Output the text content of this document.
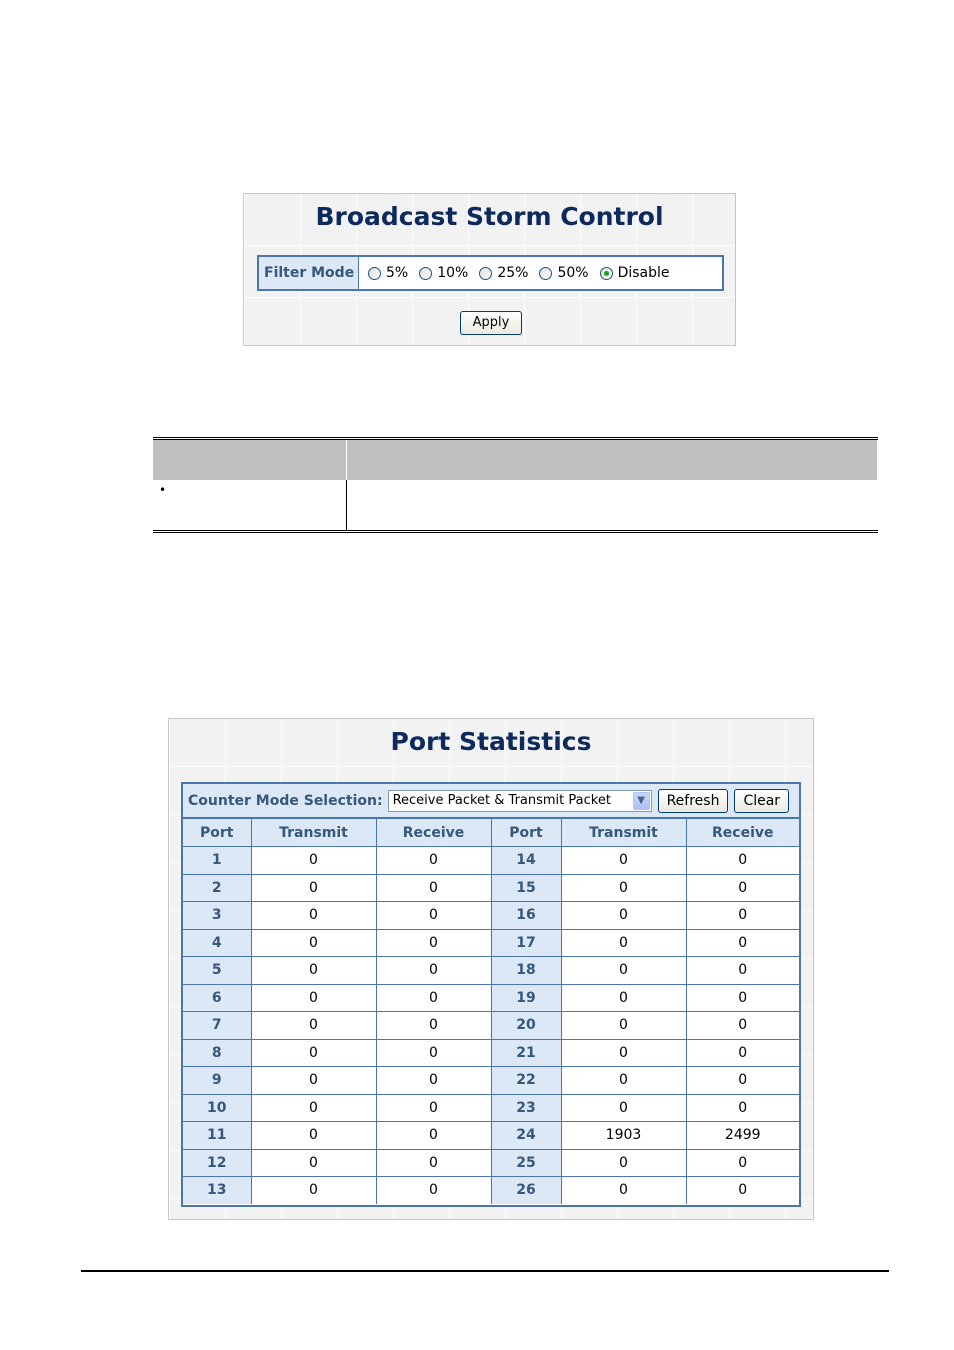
Broadcast Storm Control
Filter Mode	5% 10% 25% 50% Disable
Apply

•	
Port Statistics
Counter Mode Selection: Receive Packet & Transmit Packet	▼	Refresh	Clear
Port	Transmit	Receive	Port	Transmit	Receive
1	0	0	14	0	0
2	0	0	15	0	0
3	0	0	16	0	0
4	0	0	17	0	0
5	0	0	18	0	0
6	0	0	19	0	0
7	0	0	20	0	0
8	0	0	21	0	0
9	0	0	22	0	0
10	0	0	23	0	0
11	0	0	24	1903	2499
12	0	0	25	0	0
13	0	0	26	0	0
